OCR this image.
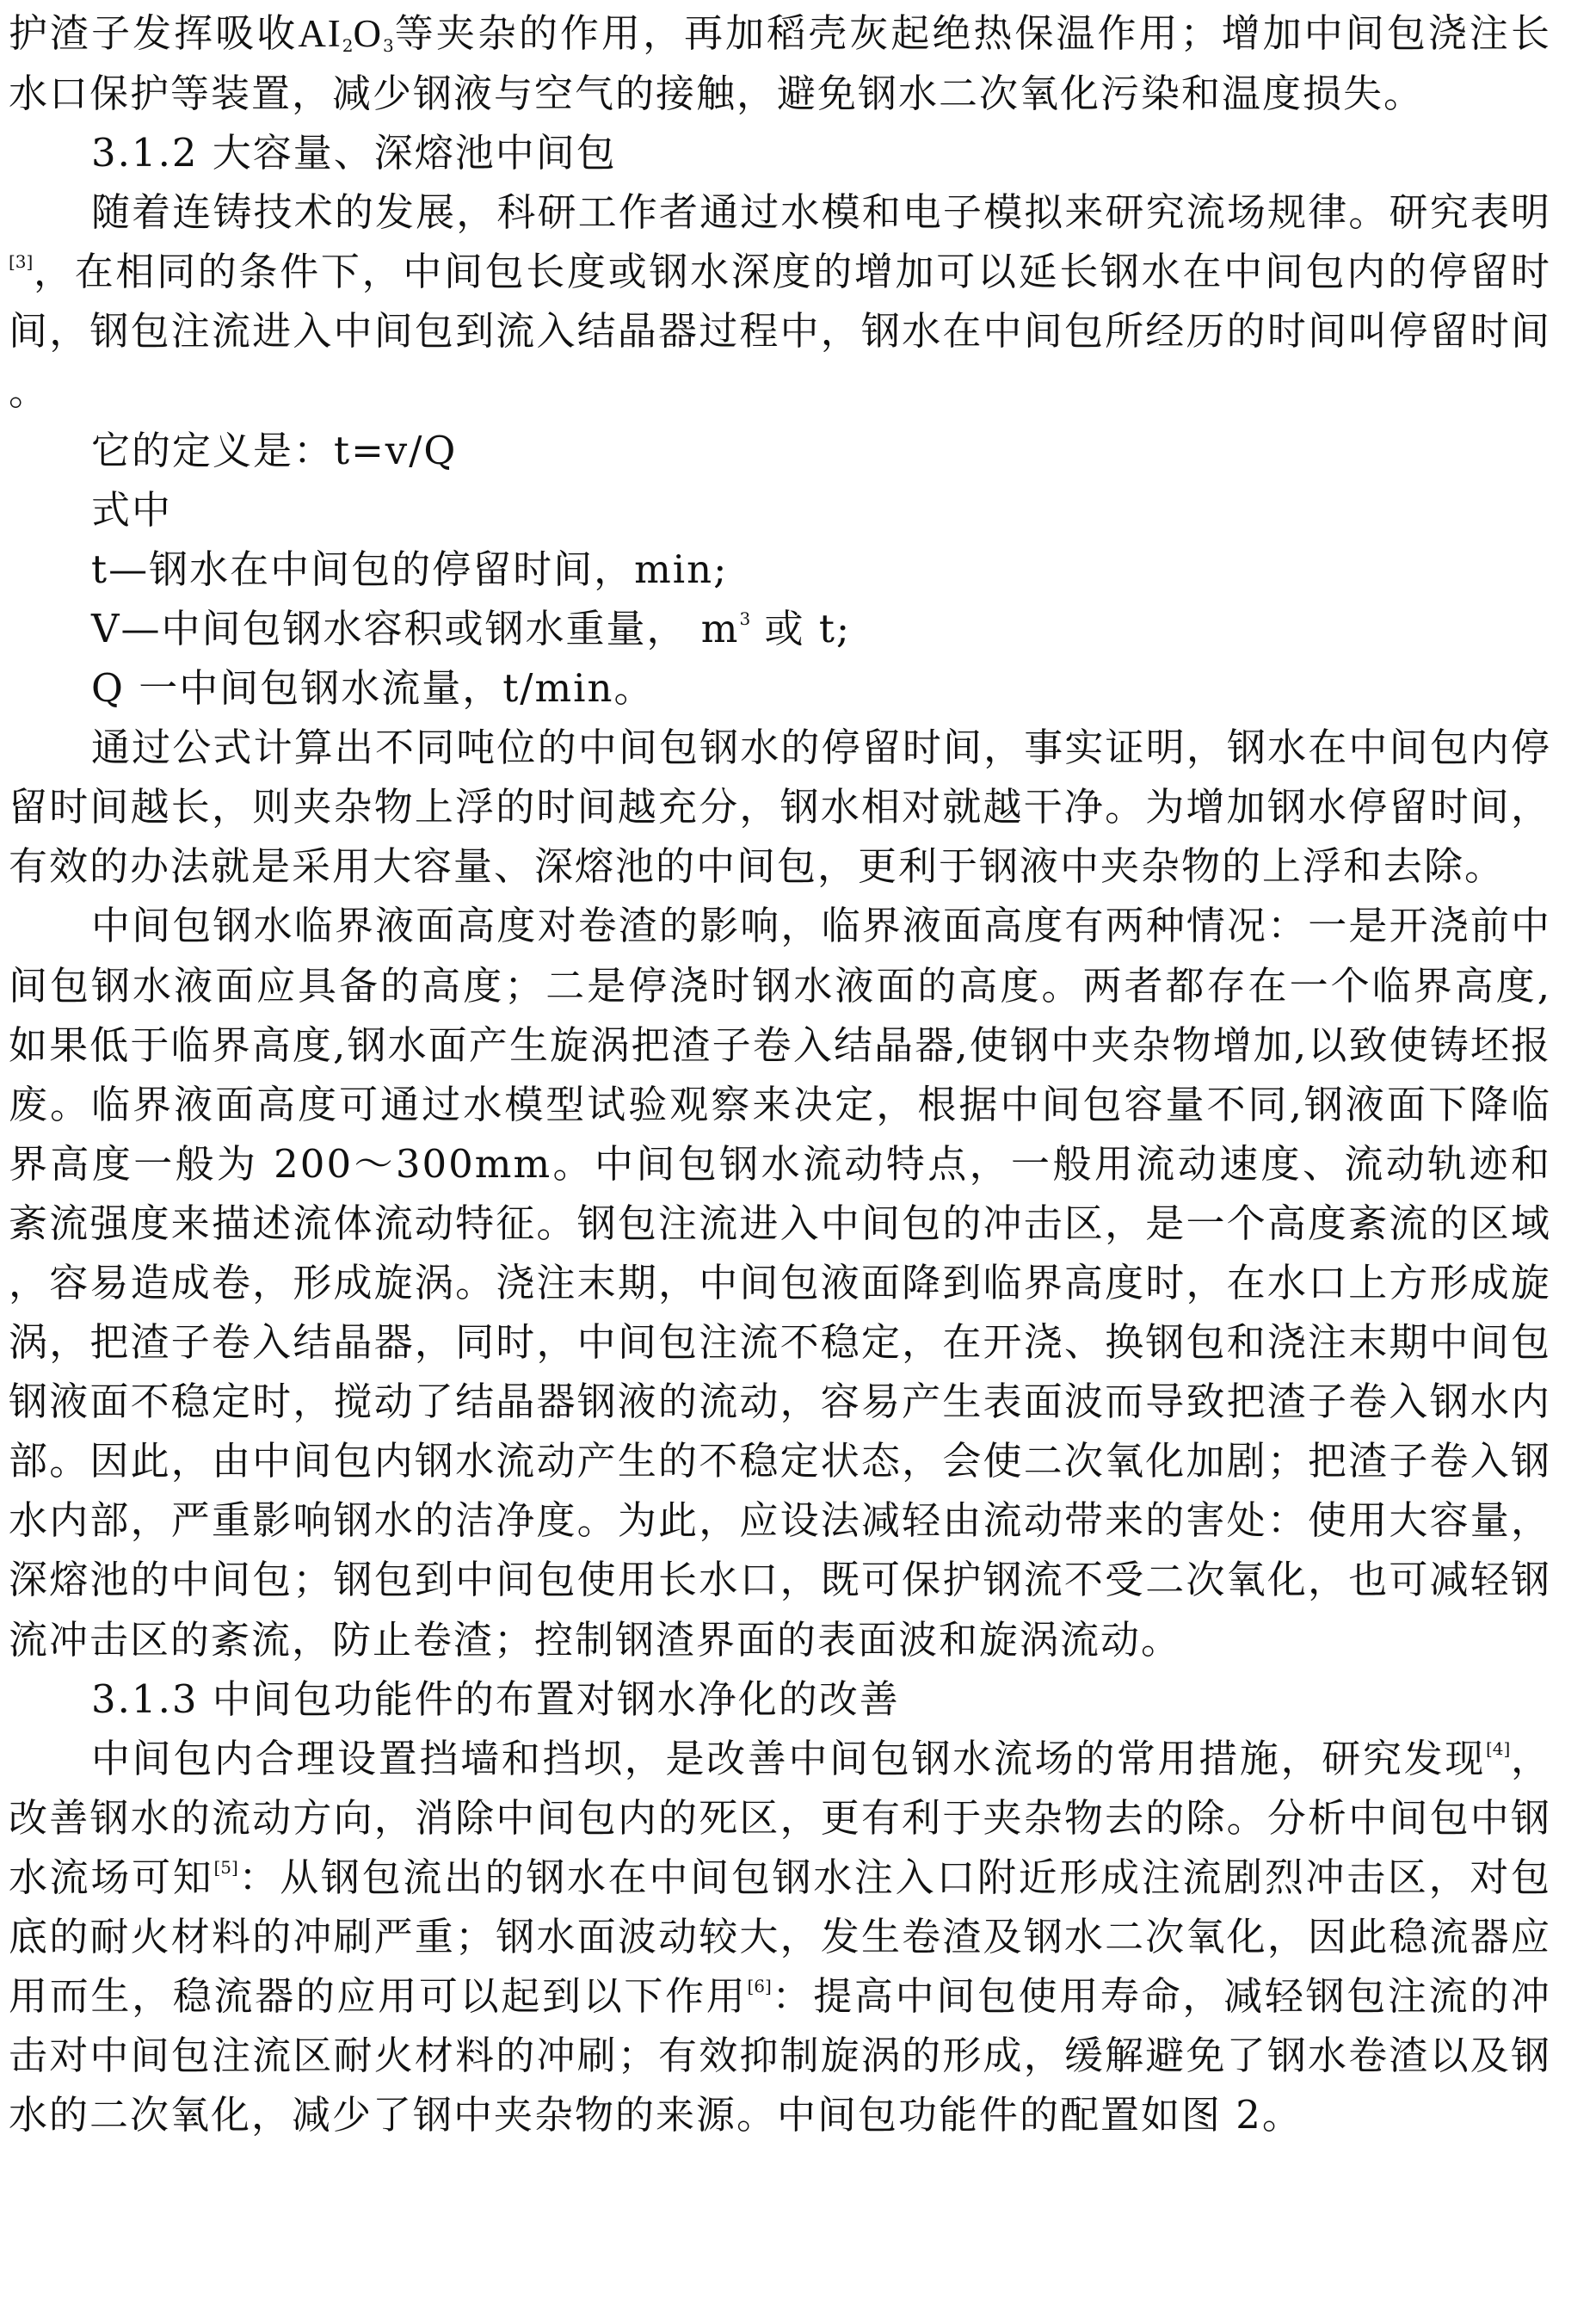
护渣子发挥吸收$AI_2O_3$等夹杂的作用，再加稻壳灰起绝热保温作用；增加中间包浇注长水口保护等装置，减少钢液与空气的接触，避免钢水二次氧化污染和温度损失。

3.1.2 大容量、深熔池中间包

随着连铸技术的发展，科研工作者通过水模和电子模拟来研究流场规律。研究表明[3]，在相同的条件下，中间包长度或钢水深度的增加可以延长钢水在中间包内的停留时间，钢包注流进入中间包到流入结晶器过程中，钢水在中间包所经历的时间叫停留时间。

它的定义是：t=v/Q

式中

t—钢水在中间包的停留时间，min;

V—中间包钢水容积或钢水重量， $m^3$ 或 t;

Q 一中间包钢水流量，t/min。

通过公式计算出不同吨位的中间包钢水的停留时间，事实证明，钢水在中间包内停留时间越长，则夹杂物上浮的时间越充分，钢水相对就越干净。为增加钢水停留时间，有效的办法就是采用大容量、深熔池的中间包，更利于钢液中夹杂物的上浮和去除。

中间包钢水临界液面高度对卷渣的影响，临界液面高度有两种情况：一是开浇前中间包钢水液面应具备的高度；二是停浇时钢水液面的高度。两者都存在一个临界高度,如果低于临界高度,钢水面产生旋涡把渣子卷入结晶器,使钢中夹杂物增加,以致使铸坯报废。临界液面高度可通过水模型试验观察来决定，根据中间包容量不同,钢液面下降临界高度一般为 200～300mm。中间包钢水流动特点，一般用流动速度、流动轨迹和紊流强度来描述流体流动特征。钢包注流进入中间包的冲击区，是一个高度紊流的区域，容易造成卷，形成旋涡。浇注末期，中间包液面降到临界高度时，在水口上方形成旋涡，把渣子卷入结晶器，同时，中间包注流不稳定，在开浇、换钢包和浇注末期中间包钢液面不稳定时，搅动了结晶器钢液的流动，容易产生表面波而导致把渣子卷入钢水内部。因此，由中间包内钢水流动产生的不稳定状态，会使二次氧化加剧；把渣子卷入钢水内部，严重影响钢水的洁净度。为此，应设法减轻由流动带来的害处：使用大容量，深熔池的中间包；钢包到中间包使用长水口，既可保护钢流不受二次氧化，也可减轻钢流冲击区的紊流，防止卷渣；控制钢渣界面的表面波和旋涡流动。

3.1.3 中间包功能件的布置对钢水净化的改善

中间包内合理设置挡墙和挡坝，是改善中间包钢水流场的常用措施，研究发现[4]，改善钢水的流动方向，消除中间包内的死区，更有利于夹杂物去的除。分析中间包中钢水流场可知[5]：从钢包流出的钢水在中间包钢水注入口附近形成注流剧烈冲击区，对包底的耐火材料的冲刷严重；钢水面波动较大，发生卷渣及钢水二次氧化，因此稳流器应用而生，稳流器的应用可以起到以下作用[6]：提高中间包使用寿命，减轻钢包注流的冲击对中间包注流区耐火材料的冲刷；有效抑制旋涡的形成，缓解避免了钢水卷渣以及钢水的二次氧化，减少了钢中夹杂物的来源。中间包功能件的配置如图 2。
